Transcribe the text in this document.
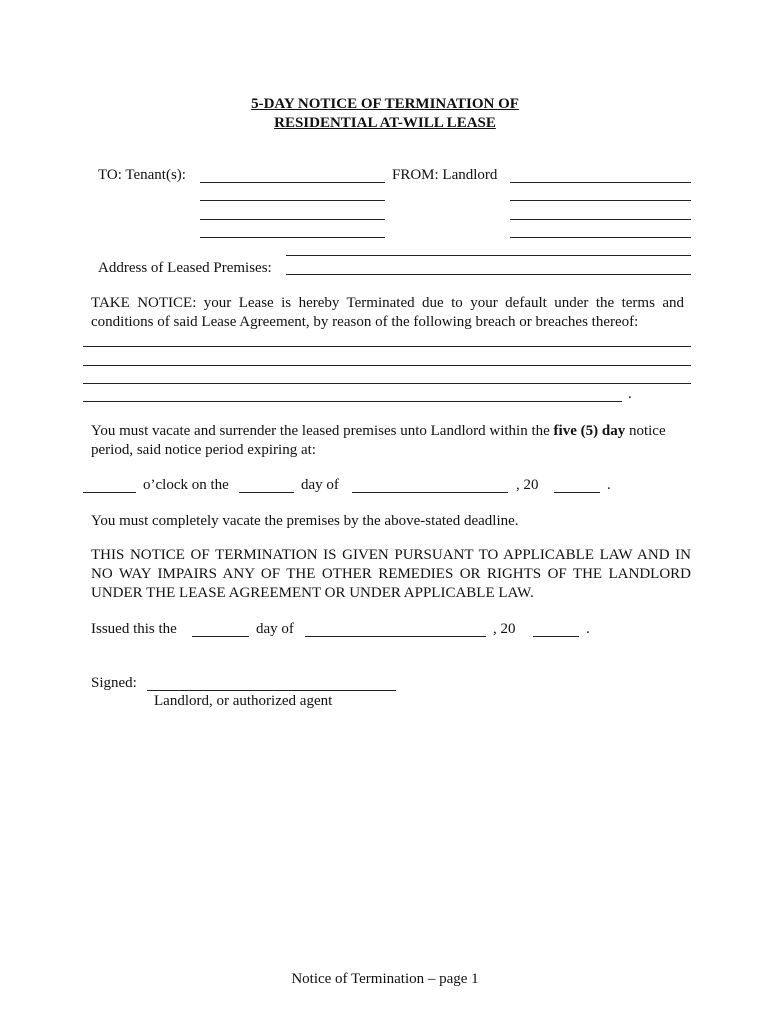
5-DAY NOTICE OF TERMINATION OF
RESIDENTIAL AT-WILL LEASE
TO: Tenant(s):	FROM: Landlord
Address of Leased Premises:
TAKE NOTICE: your Lease is hereby Terminated due to your default under the terms and conditions of said Lease Agreement, by reason of the following breach or breaches thereof:
.
You must vacate and surrender the leased premises unto Landlord within the five (5) day notice period, said notice period expiring at:
o’clock on the	day of	, 20	.
You must completely vacate the premises by the above-stated deadline.
THIS NOTICE OF TERMINATION IS GIVEN PURSUANT TO APPLICABLE LAW AND IN NO WAY IMPAIRS ANY OF THE OTHER REMEDIES OR RIGHTS OF THE LANDLORD UNDER THE LEASE AGREEMENT OR UNDER APPLICABLE LAW.
Issued this the	day of	, 20	.
Signed:
Landlord, or authorized agent
Notice of Termination – page 1
